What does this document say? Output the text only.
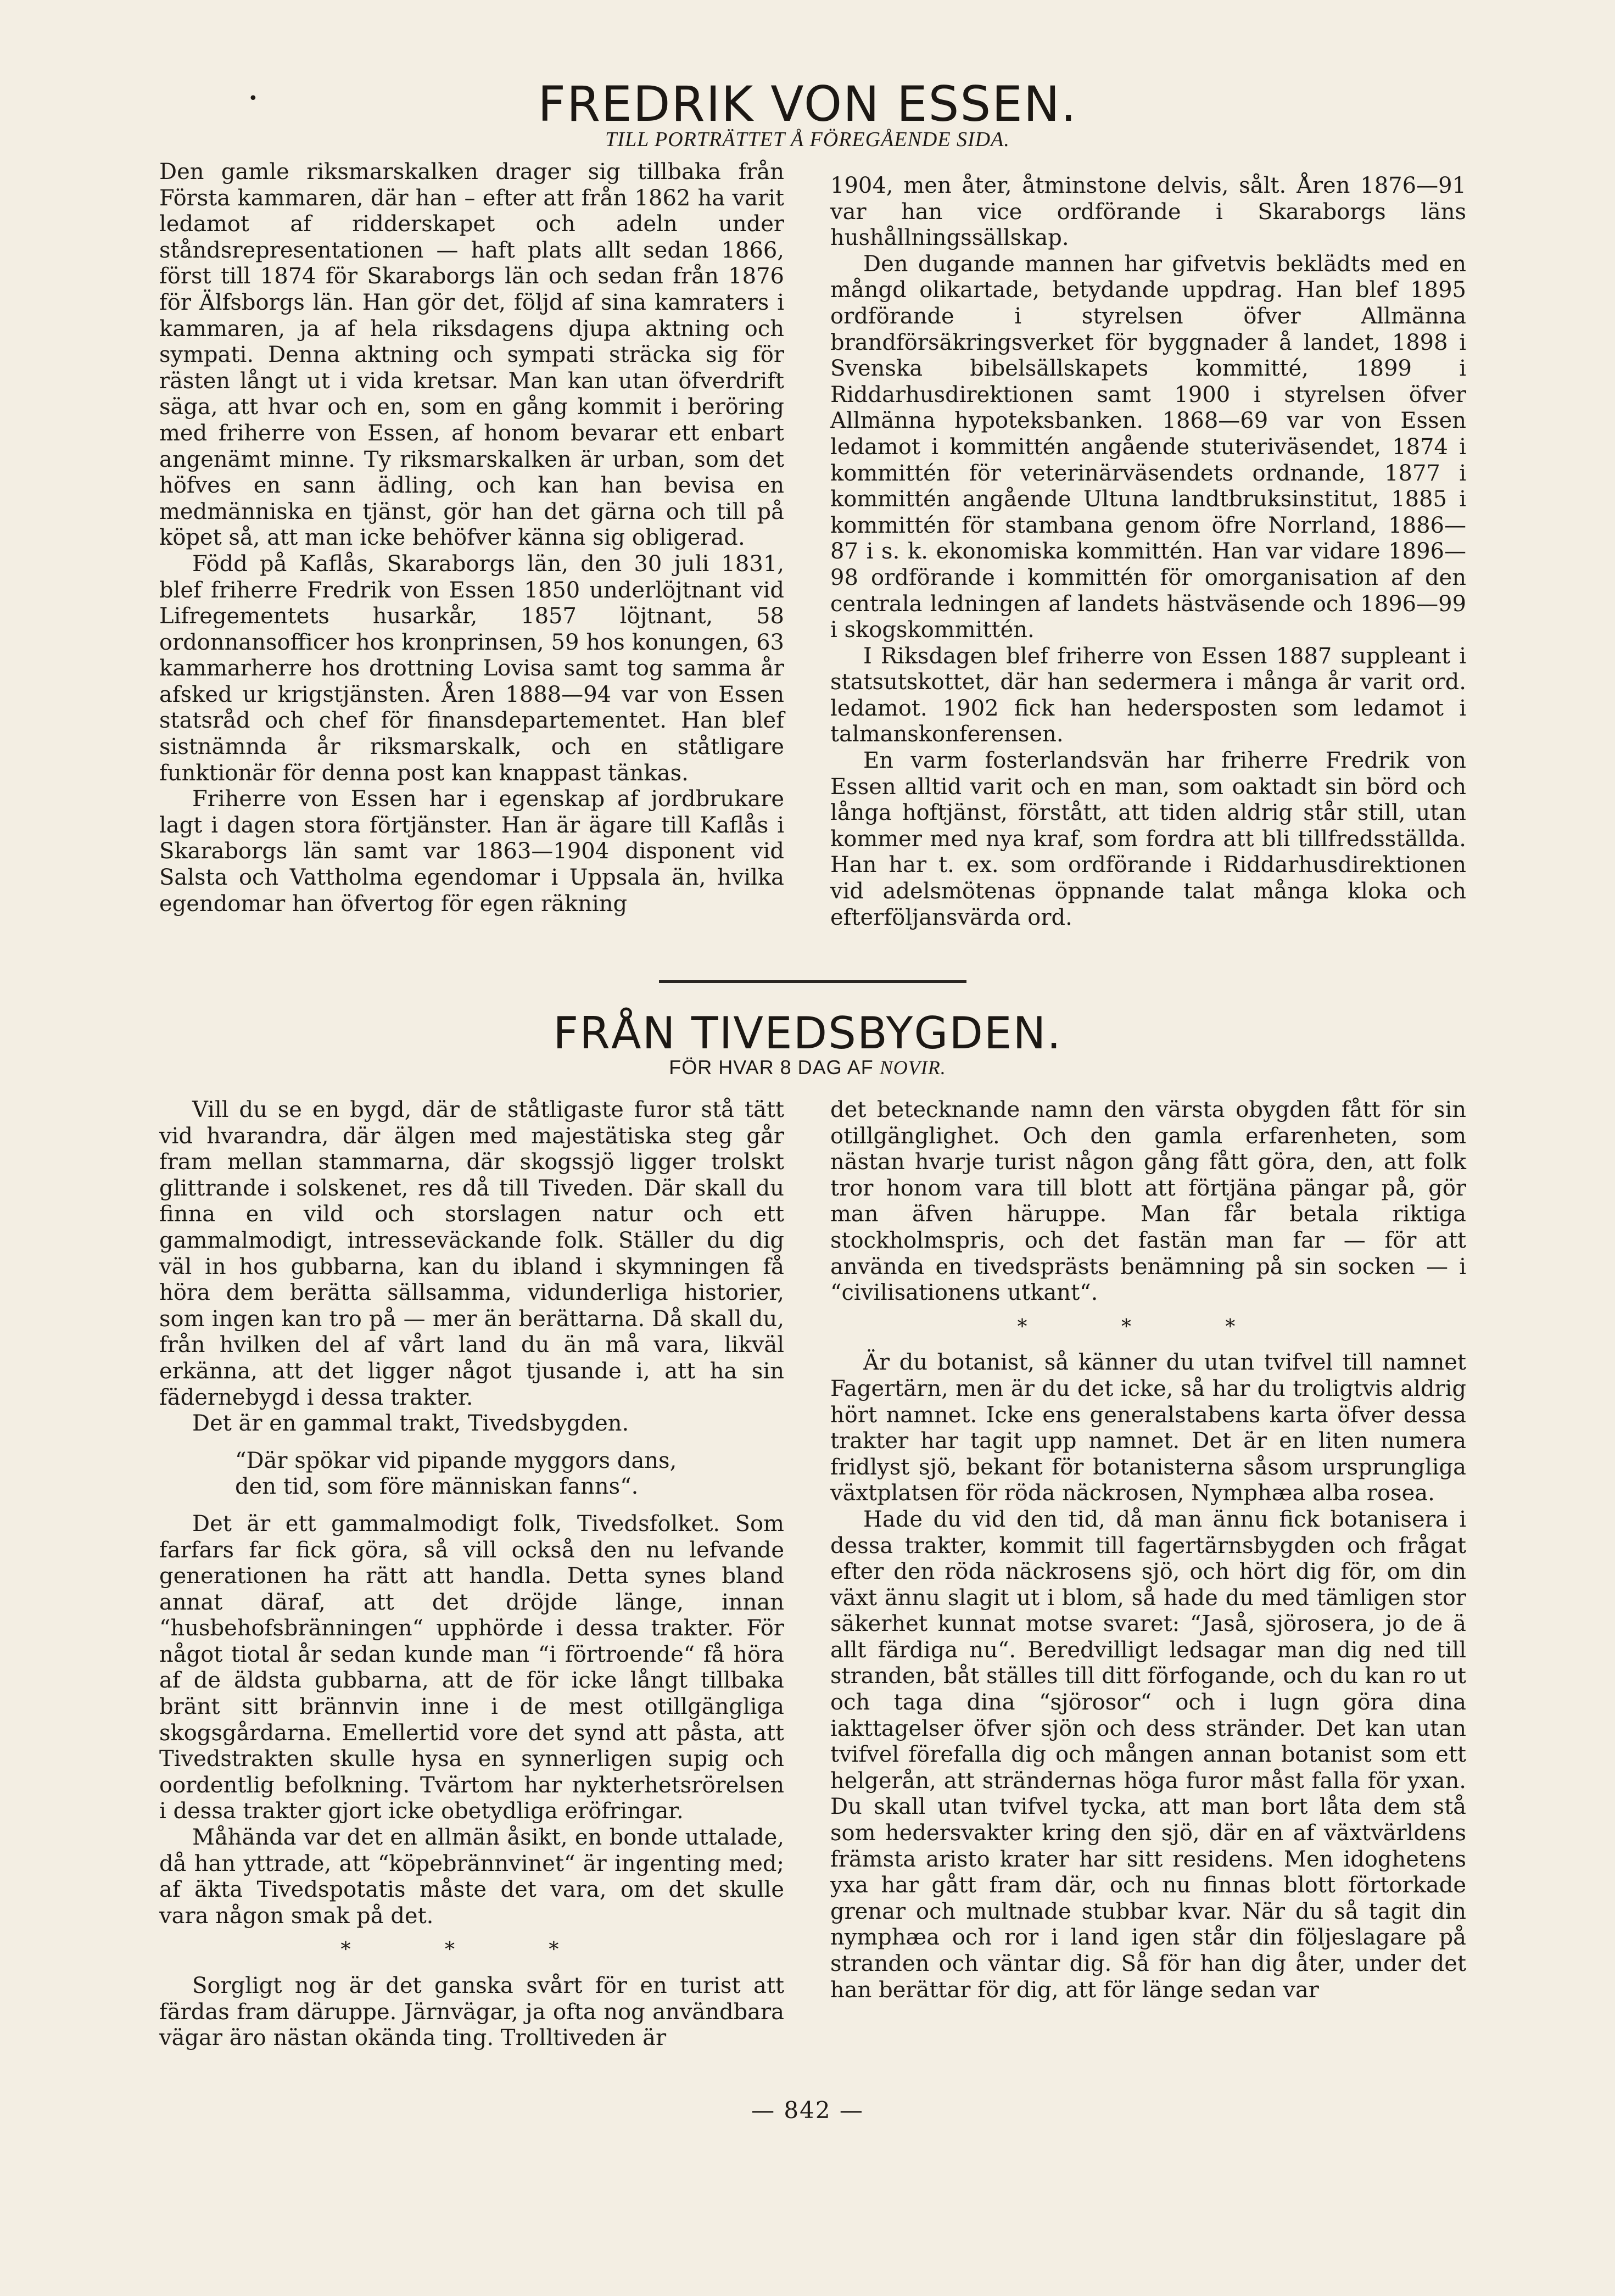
•	FREDRIK VON ESSEN.
TILL PORTRÄTTET Å FÖREGÅENDE SIDA.

Den gamle riksmarskalken drager sig tillbaka från Första kammaren, där han – efter att från 1862 ha varit ledamot af ridderskapet och adeln under ståndsrepresentationen — haft plats allt sedan 1866, först till 1874 för Skaraborgs län och sedan från 1876 för Älfsborgs län. Han gör det, följd af sina kamraters i kammaren, ja af hela riksdagens djupa aktning och sympati. Denna aktning och sympati sträcka sig för rästen långt ut i vida kretsar. Man kan utan öfverdrift säga, att hvar och en, som en gång kommit i beröring med friherre von Essen, af honom bevarar ett enbart angenämt minne. Ty riksmarskalken är urban, som det höfves en sann ädling, och kan han bevisa en medmänniska en tjänst, gör han det gärna och till på köpet så, att man icke behöfver känna sig obligerad.

Född på Kaflås, Skaraborgs län, den 30 juli 1831, blef friherre Fredrik von Essen 1850 underlöjtnant vid Lifregementets husarkår, 1857 löjtnant, 58 ordonnansofficer hos kronprinsen, 59 hos konungen, 63 kammarherre hos drottning Lovisa samt tog samma år afsked ur krigstjänsten. Åren 1888—94 var von Essen statsråd och chef för finansdepartementet. Han blef sistnämnda år riksmarskalk, och en ståtligare funktionär för denna post kan knappast tänkas.

Friherre von Essen har i egenskap af jordbrukare lagt i dagen stora förtjänster. Han är ägare till Kaflås i Skaraborgs län samt var 1863—1904 disponent vid Salsta och Vattholma egendomar i Uppsala än, hvilka egendomar han öfvertog för egen räkning

1904, men åter, åtminstone delvis, sålt. Åren 1876—91 var han vice ordförande i Skaraborgs läns hushållningssällskap.

Den dugande mannen har gifvetvis beklädts med en mångd olikartade, betydande uppdrag. Han blef 1895 ordförande i styrelsen öfver Allmänna brandförsäkringsverket för byggnader å landet, 1898 i Svenska bibelsällskapets kommitté, 1899 i Riddarhusdirektionen samt 1900 i styrelsen öfver Allmänna hypoteksbanken. 1868—69 var von Essen ledamot i kommittén angående stuteriväsendet, 1874 i kommittén för veterinärväsendets ordnande, 1877 i kommittén angående Ultuna landtbruksinstitut, 1885 i kommittén för stambana genom öfre Norrland, 1886—87 i s. k. ekonomiska kommittén. Han var vidare 1896—98 ordförande i kommittén för omorganisation af den centrala ledningen af landets hästväsende och 1896—99 i skogskommittén.

I Riksdagen blef friherre von Essen 1887 suppleant i statsutskottet, där han sedermera i många år varit ord. ledamot. 1902 fick han hedersposten som ledamot i talmanskonferensen.

En varm fosterlandsvän har friherre Fredrik von Essen alltid varit och en man, som oaktadt sin börd och långa hoftjänst, förstått, att tiden aldrig står still, utan kommer med nya kraf, som fordra att bli tillfredsställda. Han har t. ex. som ordförande i Riddarhusdirektionen vid adelsmötenas öppnande talat många kloka och efterföljansvärda ord.

FRÅN TIVEDSBYGDEN.
FÖR HVAR 8 DAG AF NOVIR.

Vill du se en bygd, där de ståtligaste furor stå tätt vid hvarandra, där älgen med majestätiska steg går fram mellan stammarna, där skogssjö ligger trolskt glittrande i solskenet, res då till Tiveden. Där skall du finna en vild och storslagen natur och ett gammalmodigt, intresseväckande folk. Ställer du dig väl in hos gubbarna, kan du ibland i skymningen få höra dem berätta sällsamma, vidunderliga historier, som ingen kan tro på — mer än berättarna. Då skall du, från hvilken del af vårt land du än må vara, likväl erkänna, att det ligger något tjusande i, att ha sin fädernebygd i dessa trakter.

Det är en gammal trakt, Tivedsbygden.

“Där spökar vid pipande myggors dans,
den tid, som före människan fanns“.

Det är ett gammalmodigt folk, Tivedsfolket. Som farfars far fick göra, så vill också den nu lefvande generationen ha rätt att handla. Detta synes bland annat däraf, att det dröjde länge, innan “husbehofsbränningen“ upphörde i dessa trakter. För något tiotal år sedan kunde man “i förtroende“ få höra af de äldsta gubbarna, att de för icke långt tillbaka bränt sitt brännvin inne i de mest otillgängliga skogsgårdarna. Emellertid vore det synd att påsta, att Tivedstrakten skulle hysa en synnerligen supig och oordentlig befolkning. Tvärtom har nykterhetsrörelsen i dessa trakter gjort icke obetydliga eröfringar.

Måhända var det en allmän åsikt, en bonde uttalade, då han yttrade, att “köpebrännvinet“ är ingenting med; af äkta Tivedspotatis måste det vara, om det skulle vara någon smak på det.

* * *

Sorgligt nog är det ganska svårt för en turist att färdas fram däruppe. Järnvägar, ja ofta nog användbara vägar äro nästan okända ting. Trolltiveden är

det betecknande namn den värsta obygden fått för sin otillgänglighet. Och den gamla erfarenheten, som nästan hvarje turist någon gång fått göra, den, att folk tror honom vara till blott att förtjäna pängar på, gör man äfven häruppe. Man får betala riktiga stockholmspris, och det fastän man far — för att använda en tivedsprästs benämning på sin socken — i “civilisationens utkant“.

* * *

Är du botanist, så känner du utan tvifvel till namnet Fagertärn, men är du det icke, så har du troligtvis aldrig hört namnet. Icke ens generalstabens karta öfver dessa trakter har tagit upp namnet. Det är en liten numera fridlyst sjö, bekant för botanisterna såsom ursprungliga växtplatsen för röda näckrosen, Nymphæa alba rosea.

Hade du vid den tid, då man ännu fick botanisera i dessa trakter, kommit till fagertärnsbygden och frågat efter den röda näckrosens sjö, och hört dig för, om din växt ännu slagit ut i blom, så hade du med tämligen stor säkerhet kunnat motse svaret: “Jaså, sjörosera, jo de ä allt färdiga nu“. Beredvilligt ledsagar man dig ned till stranden, båt ställes till ditt förfogande, och du kan ro ut och taga dina “sjörosor“ och i lugn göra dina iakttagelser öfver sjön och dess stränder. Det kan utan tvifvel förefalla dig och mången annan botanist som ett helgerån, att strändernas höga furor måst falla för yxan. Du skall utan tvifvel tycka, att man bort låta dem stå som hedersvakter kring den sjö, där en af växtvärldens främsta aristo krater har sitt residens. Men idoghetens yxa har gått fram där, och nu finnas blott förtorkade grenar och multnade stubbar kvar. När du så tagit din nymphæa och ror i land igen står din följeslagare på stranden och väntar dig. Så för han dig åter, under det han berättar för dig, att för länge sedan var

— 842 —
